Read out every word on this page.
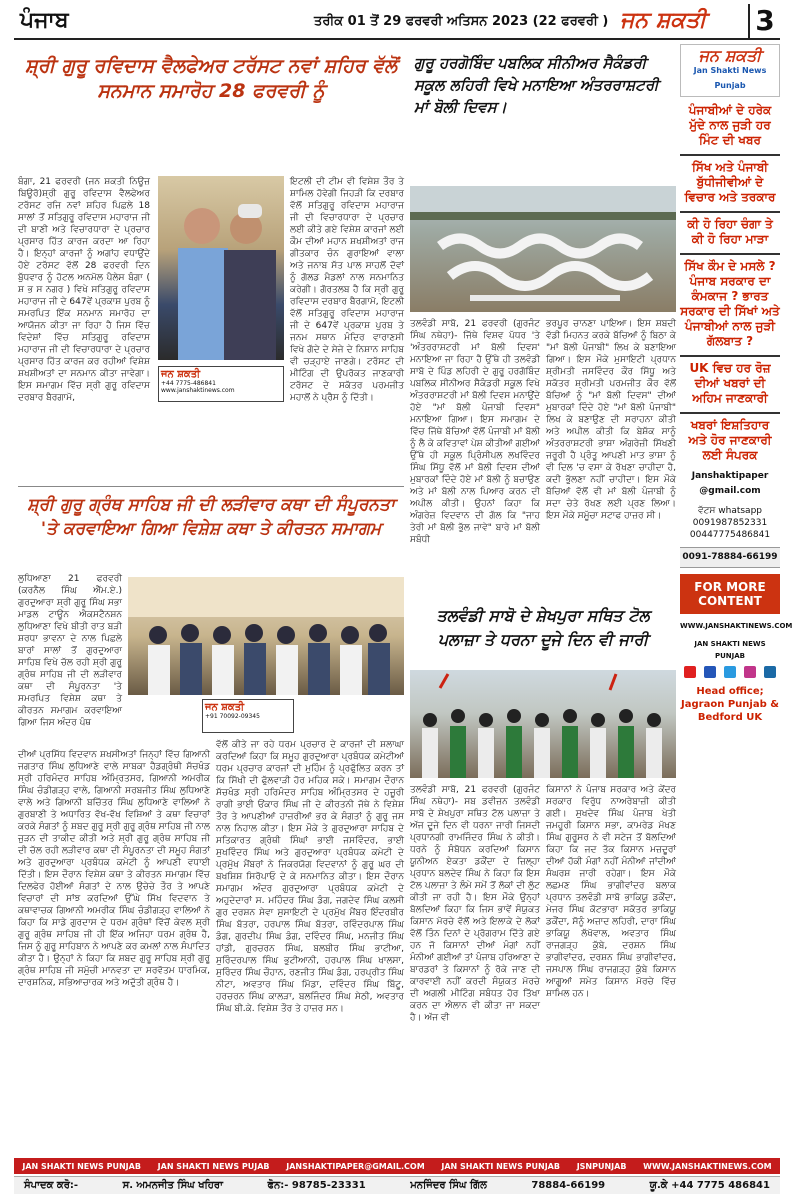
ਪੰਜਾਬ	ਤਰੀਕ 01 ਤੋਂ 29 ਫਰਵਰੀ ਅਤਿਸਨ 2023 (22 ਫਰਵਰੀ ) ਜਨ ਸ਼ਕਤੀ 3
ਸ਼੍ਰੀ ਗੁਰੂ ਰਵਿਦਾਸ ਵੈਲਫੇਅਰ ਟਰੱਸਟ ਨਵਾਂ ਸ਼ਹਿਰ ਵੱਲੋਂ ਸਨਮਾਨ ਸਮਾਰੋਹ 28 ਫਰਵਰੀ ਨੂੰ
ਬੰਗਾ, 21 ਫਰਵਰੀ (ਜਨ ਸ਼ਕਤੀ ਨਿਊਜ਼ ਬਿਊਰੋ)ਸ਼੍ਰੀ ਗੁਰੂ ਰਵਿਦਾਸ ਵੈਲਫੇਅਰ ਟਰੱਸਟ ਰਜਿ ਨਵਾਂ ਸ਼ਹਿਰ ਪਿਛਲੇ 18 ਸਾਲਾਂ ਤੋਂ ਸਤਿਗੁਰੂ ਰਵਿਦਾਸ ਮਹਾਰਾਜ ਜੀ ਦੀ ਬਾਣੀ ਅਤੇ ਵਿਚਾਰਧਾਰਾ ਦੇ ਪ੍ਰਚਾਰ ਪ੍ਰਸਾਰ ਹਿੱਤ ਕਾਰਜ ਕਰਦਾ ਆ ਰਿਹਾ ਹੈ। ਇਨ੍ਹਾਂ ਕਾਰਜਾਂ ਨੂੰ ਅਗਾਂਹ ਵਧਾਉਂਦੇ ਹੋਏ ਟਰੱਸਟ ਵੱਲੋਂ 28 ਫਰਵਰੀ ਦਿਨ ਬੁੱਧਵਾਰ ਨੂੰ ਹੋਟਲ ਅਨਮੋਲ ਪੈਲੇਸ ਬੰਗਾ ( ਸ਼ ਭ ਸ ਨਗਰ ) ਵਿਖੇ ਸਤਿਗੁਰੂ ਰਵਿਦਾਸ ਮਹਾਰਾਜ ਜੀ ਦੇ 647ਵੇਂ ਪ੍ਰਕਾਸ਼ ਪੁਰਬ ਨੂੰ ਸਮਰਪਿਤ ਇੱਕ ਸਨਮਾਨ ਸਮਾਰੋਹ ਦਾ ਆਯੋਜਨ ਕੀਤਾ ਜਾ ਰਿਹਾ ਹੈ ਜਿਸ ਵਿੱਚ ਵਿਦੇਸ਼ਾਂ ਵਿੱਚ ਸਤਿਗੁਰੂ ਰਵਿਦਾਸ ਮਹਾਰਾਜ ਜੀ ਦੀ ਵਿਚਾਰਧਾਰਾ ਦੇ ਪ੍ਰਚਾਰ ਪ੍ਰਸਾਰ ਹਿੱਤ ਕਾਰਜ ਕਰ ਰਹੀਆਂ ਵਿਸ਼ੇਸ਼ ਸ਼ਖਸ਼ੀਅਤਾਂ ਦਾ ਸਨਮਾਨ ਕੀਤਾ ਜਾਵੇਗਾ। ਇਸ ਸਮਾਗਮ ਵਿੱਚ ਸ੍ਰੀ ਗੁਰੂ ਰਵਿਦਾਸ ਦਰਬਾਰ ਬੈਰਗਾਮੋ,
ਇਟਲੀ ਦੀ ਟੀਮ ਵੀ ਵਿਸ਼ੇਸ਼ ਤੌਰ ਤੇ ਸ਼ਾਮਿਲ ਹੋਵੇਗੀ ਜਿਹੜੀ ਕਿ ਦਰਬਾਰ ਵੱਲੋਂ ਸਤਿਗੁਰੂ ਰਵਿਦਾਸ ਮਹਾਰਾਜ ਜੀ ਦੀ ਵਿਚਾਰਧਾਰਾ ਦੇ ਪ੍ਰਚਾਰ ਲਈ ਕੀਤੇ ਗਏ ਵਿਸ਼ੇਸ਼ ਕਾਰਜਾਂ ਲਈ ਕੌਮ ਦੀਆਂ ਮਹਾਨ ਸ਼ਖਸ਼ੀਅਤਾਂ ਰਾਜ ਗੀਤਕਾਰ ਚੰਨ ਗੁਰਾਇਆਂ ਵਾਲਾ ਅਤੇ ਜਨਾਬ ਸੱਤ ਪਾਲ ਸਾਹਲੋਂ ਦੋਵਾਂ ਨੂੰ ਗੋਲਡ ਮੈਡਲਾਂ ਨਾਲ ਸਨਮਾਨਿਤ ਕਰੇਗੀ। ਗੋਰਤਲਬ ਹੈ ਕਿ ਸ੍ਰੀ ਗੁਰੂ ਰਵਿਦਾਸ ਦਰਬਾਰ ਬੈਰਗਾਮੋ, ਇਟਲੀ ਵੱਲੋਂ ਸਤਿਗੁਰੂ ਰਵਿਦਾਸ ਮਹਾਰਾਜ ਜੀ ਦੇ 647ਵੇਂ ਪ੍ਰਕਾਸ਼ ਪੁਰਬ ਤੇ ਜਨਮ ਸਥਾਨ ਮੰਦਿਰ ਵਾਰਾਣਸੀ ਵਿਖੇ ਗੱਦੇ ਦੇ ਸੇਜੇ ਦੇ ਨਿਸ਼ਾਨ ਸਾਹਿਬ ਵੀ ਚੜ੍ਹਾਏ ਜਾਣਗੇ। ਟਰੱਸਟ ਦੀ ਮੀਟਿੰਗ ਦੀ ਉਪਰੋਕਤ ਜਾਣਕਾਰੀ ਟਰੱਸਟ ਦੇ ਸਕੱਤਰ ਪਰਮਜੀਤ ਮਹਾਲੋਂ ਨੇ ਪ੍ਰੈਸ ਨੂੰ ਦਿੱਤੀ।
ਜਨ ਸ਼ਕਤੀ
+44 7775-486841
www.janshaktinews.com
ਗੁਰੂ ਹਰਗੋਬਿੰਦ ਪਬਲਿਕ ਸੀਨੀਅਰ ਸੈਕੰਡਰੀ ਸਕੂਲ ਲਹਿਰੀ ਵਿਖੇ ਮਨਾਇਆ ਅੰਤਰਰਾਸ਼ਟਰੀ ਮਾਂ ਬੋਲੀ ਦਿਵਸ।
ਤਲਵੰਡੀ ਸਾਬੋ, 21 ਫਰਵਰੀ (ਗੁਰਜੰਟ ਸਿੰਘ ਨਥੇਹਾ)- ਜਿੱਥੇ ਵਿਸ਼ਵ ਪੱਧਰ 'ਤੇ 'ਅੰਤਰਰਾਸ਼ਟਰੀ ਮਾਂ ਬੋਲੀ ਦਿਵਸ' ਮਨਾਇਆ ਜਾ ਰਿਹਾ ਹੈ ਉੱਥੇ ਹੀ ਤਲਵੰਡੀ ਸਾਬੋ ਦੇ ਪਿੰਡ ਲਹਿਰੀ ਦੇ ਗੁਰੂ ਹਰਗੋਬਿੰਦ ਪਬਲਿਕ ਸੀਨੀਅਰ ਸੈਕੰਡਰੀ ਸਕੂਲ ਵਿਖੇ ਅੰਤਰਰਾਸ਼ਟਰੀ ਮਾਂ ਬੋਲੀ ਦਿਵਸ ਮਨਾਉਂਦੇ ਹੋਏ "ਮਾਂ ਬੋਲੀ ਪੰਜਾਬੀ ਦਿਵਸ" ਮਨਾਇਆ ਗਿਆ। ਇਸ ਸਮਾਗਮ ਦੇ ਵਿੱਚ ਜਿੱਥੇ ਬੱਚਿਆਂ ਵੱਲੋਂ ਪੰਜਾਬੀ ਮਾਂ ਬੋਲੀ ਨੂੰ ਲੈ ਕੇ ਕਵਿਤਾਵਾਂ ਪੇਸ਼ ਕੀਤੀਆਂ ਗਈਆਂ ਉੱਥੇ ਹੀ ਸਕੂਲ ਪ੍ਰਿੰਸੀਪਲ ਲਖਵਿੰਦਰ ਸਿੰਘ ਸਿੱਧੂ ਵੱਲੋਂ ਮਾਂ ਬੋਲੀ ਦਿਵਸ ਦੀਆਂ ਮੁਬਾਰਕਾਂ ਦਿੰਦੇ ਹੋਏ ਮਾਂ ਬੋਲੀ ਨੂੰ ਬਚਾਉਣ ਅਤੇ ਮਾਂ ਬੋਲੀ ਨਾਲ ਪਿਆਰ ਕਰਨ ਦੀ ਅਪੀਲ ਕੀਤੀ। ਉਹਨਾਂ ਕਿਹਾ ਕਿ ਅੰਗਰੇਜ਼ ਵਿਦਵਾਨ ਦੀ ਗੱਲ ਕਿ "ਜਾਹ ਤੇਰੀ ਮਾਂ ਬੋਲੀ ਭੁੱਲ ਜਾਵੇ" ਬਾਰੇ ਮਾਂ ਬੋਲੀ ਸਬੰਧੀ
ਭਰਪੂਰ ਚਾਨਣਾ ਪਾਇਆ। ਇਸ ਸ਼ਬਦੀ ਵੱਡੀ ਮਿਹਨਤ ਕਰਕੇ ਬੱਚਿਆਂ ਨੂੰ ਬਿਠਾ ਕੇ "ਮਾਂ ਬੋਲੀ ਪੰਜਾਬੀ" ਲਿਖ ਕੇ ਬਣਾਇਆ ਗਿਆ। ਇਸ ਮੌਕੇ ਮੁਸਾਇਟੀ ਪ੍ਰਧਾਨ ਸ਼੍ਰੀਮਤੀ ਜਸਵਿੰਦਰ ਕੌਰ ਸਿੱਧੂ ਅਤੇ ਸਕੱਤਰ ਸ਼੍ਰੀਮਤੀ ਪਰਮਜੀਤ ਕੌਰ ਵੱਲੋਂ ਬੱਚਿਆਂ ਨੂੰ "ਮਾਂ ਬੋਲੀ ਦਿਵਸ" ਦੀਆਂ ਮੁਬਾਰਕਾਂ ਦਿੰਦੇ ਹੋਏ "ਮਾਂ ਬੋਲੀ ਪੰਜਾਬੀ" ਲਿਖ ਕੇ ਬਣਾਉਣ ਦੀ ਸਰਾਹਨਾ ਕੀਤੀ ਅਤੇ ਅਪੀਲ ਕੀਤੀ ਕਿ ਬੇਸ਼ੱਕ ਸਾਨੂੰ ਅੰਤਰਰਾਸ਼ਟਰੀ ਭਾਸ਼ਾ ਅੰਗਰੇਜ਼ੀ ਸਿੱਖਣੀ ਜਰੂਰੀ ਹੈ ਪ੍ਰੰਤੂ ਆਪਣੀ ਮਾਤ ਭਾਸ਼ਾ ਨੂੰ ਵੀ ਦਿਲ 'ਚ ਵਸਾ ਕੇ ਰੱਖਣਾ ਚਾਹੀਦਾ ਹੈ, ਕਦੀ ਭੁੱਲਣਾ ਨਹੀਂ ਚਾਹੀਦਾ। ਇਸ ਮੌਕੇ ਬੱਚਿਆਂ ਵੱਲੋਂ ਵੀ ਮਾਂ ਬੋਲੀ ਪੰਜਾਬੀ ਨੂੰ ਸਦਾ ਚੇਤੇ ਰੱਖਣ ਲਈ ਪ੍ਰਣ ਲਿਆ। ਇਸ ਮੌਕੇ ਸਮੂੱਚਾ ਸਟਾਫ ਹਾਜ਼ਰ ਸੀ।
ਸ਼੍ਰੀ ਗੁਰੂ ਗ੍ਰੰਥ ਸਾਹਿਬ ਜੀ ਦੀ ਲੜੀਵਾਰ ਕਥਾ ਦੀ ਸੰਪੂਰਨਤਾ 'ਤੇ ਕਰਵਾਇਆ ਗਿਆ ਵਿਸ਼ੇਸ਼ ਕਥਾ ਤੇ ਕੀਰਤਨ ਸਮਾਗਮ
ਲੁਧਿਆਣਾ 21 ਫਰਵਰੀ (ਕਰਨੈਲ ਸਿੰਘ ਐੱਮ.ਏ.) ਗੁਰਦੁਆਰਾ ਸ਼੍ਰੀ ਗੁਰੂ ਸਿੰਘ ਸਭਾ ਮਾਡਲ ਟਾਊਨ ਐਕਸਟੈਨਸ਼ਨ ਲੁਧਿਆਣਾ ਵਿਖੇ ਬੀਤੀ ਰਾਤ ਬੜੀ ਸ਼ਰਧਾ ਭਾਵਨਾ ਦੇ ਨਾਲ ਪਿਛਲੇ ਬਾਰਾਂ ਸਾਲਾਂ ਤੋਂ ਗੁਰਦੁਆਰਾ ਸਾਹਿਬ ਵਿਖੇ ਚੱਲ ਰਹੀ ਸ਼੍ਰੀ ਗੁਰੂ ਗ੍ਰੰਥ ਸਾਹਿਬ ਜੀ ਦੀ ਲੜੀਵਾਰ ਕਥਾ ਦੀ ਸੰਪੂਰਨਤਾ 'ਤੇ ਸਮਰਪਿਤ ਵਿਸ਼ੇਸ਼ ਕਥਾ ਤੇ ਕੀਰਤਨ ਸਮਾਗਮ ਕਰਵਾਇਆ ਗਿਆ ਜਿਸ ਅੰਦਰ ਪੰਥ
ਜਨ ਸ਼ਕਤੀ
+91 70092-09345
ਦੀਆਂ ਪ੍ਰਸਿੱਧ ਵਿਦਵਾਨ ਸ਼ਖਸੀਅਤਾਂ ਜਿਨ੍ਹਾਂ ਵਿੱਚ ਗਿਆਨੀ ਜਗਤਾਰ ਸਿੰਘ ਲੁਧਿਆਣੇ ਵਾਲੇ ਸਾਬਕਾ ਹੈਡਗ੍ਰੰਥੀ ਸੱਚਖੰਡ ਸ੍ਰੀ ਹਰਿਮੰਦਰ ਸਾਹਿਬ ਅੰਮ੍ਰਿਤਸਰ, ਗਿਆਨੀ ਅਮਰੀਕ ਸਿੰਘ ਚੰਡੀਗੜ੍ਹ ਵਾਲੇ, ਗਿਆਨੀ ਸਰਬਜੀਤ ਸਿੰਘ ਲੁਧਿਆਣੇ ਵਾਲੇ ਅਤੇ ਗਿਆਨੀ ਬਚਿੱਤਰ ਸਿੰਘ ਲੁਧਿਆਣੇ ਵਾਲਿਆਂ ਨੇ ਗੁਰਬਾਣੀ ਤੇ ਅਧਾਰਿਤ ਵੱਖ-ਵੱਖ ਵਿਸ਼ਿਆਂ ਤੇ ਕਥਾ ਵਿਚਾਰਾਂ ਕਰਕੇ ਸੰਗਤਾਂ ਨੂੰ ਸ਼ਬਦ ਗੁਰੂ ਸ੍ਰੀ ਗੁਰੂ ਗ੍ਰੰਥ ਸਾਹਿਬ ਜੀ ਨਾਲ ਜੁੜਨ ਦੀ ਤਾਕੀਦ ਕੀਤੀ ਅਤੇ ਸ਼੍ਰੀ ਗੁਰੂ ਗ੍ਰੰਥ ਸਾਹਿਬ ਜੀ ਦੀ ਚੱਲ ਰਹੀ ਲੜੀਵਾਰ ਕਥਾ ਦੀ ਸੰਪੂਰਨਤਾ ਦੀ ਸਮੂਹ ਸੰਗਤਾਂ ਅਤੇ ਗੁਰਦੁਆਰਾ ਪ੍ਰਬੰਧਕ ਕਮੇਟੀ ਨੂੰ ਆਪਣੀ ਵਧਾਈ ਦਿੱਤੀ। ਇਸ ਦੌਰਾਨ ਵਿਸ਼ੇਸ਼ ਕਥਾ ਤੇ ਕੀਰਤਨ ਸਮਾਗਮ ਵਿੱਚ ਦਿਲਫੇਰ ਹੋਈਆਂ ਸੰਗਤਾਂ ਦੇ ਨਾਲ ਉਚੇਚੇ ਤੌਰ ਤੇ ਆਪਣੇ ਵਿਚਾਰਾਂ ਦੀ ਸਾਂਝ ਕਰਦਿਆਂ ਉੱਘੇ ਸਿੱਖ ਵਿਦਵਾਨ ਤੇ ਕਥਾਵਾਚਕ ਗਿਆਨੀ ਅਮਰੀਕ ਸਿੰਘ ਚੰਡੀਗੜ੍ਹ ਵਾਲਿਆਂ ਨੇ ਕਿਹਾ ਕਿ ਸਾਡੇ ਗੁਰਦਾਸ ਦੇ ਧਰਮ ਗ੍ਰੰਥਾਂ ਵਿੱਚੋਂ ਕੇਵਲ ਸ਼੍ਰੀ ਗੁਰੂ ਗ੍ਰੰਥ ਸਾਹਿਬ ਜੀ ਹੀ ਇੱਕ ਅਜਿਹਾ ਧਰਮ ਗ੍ਰੰਥ ਹੈ, ਜਿਸ ਨੂੰ ਗੁਰੂ ਸਾਹਿਬਾਨ ਨੇ ਆਪਣੇ ਕਰ ਕਮਲਾਂ ਨਾਲ ਸੰਪਾਦਿਤ ਕੀਤਾ ਹੈ। ਉਨ੍ਹਾਂ ਨੇ ਕਿਹਾ ਕਿ ਸ਼ਬਦ ਗੁਰੂ ਸਾਹਿਬ ਸ਼੍ਰੀ ਗੁਰੂ ਗ੍ਰੰਥ ਸਾਹਿਬ ਜੀ ਸਮੁੱਚੀ ਮਾਨਵਤਾ ਦਾ ਸਰਵੋਤਮ ਧਾਰਮਿਕ, ਦਾਰਸ਼ਨਿਕ, ਸਭਿਆਚਾਰਕ ਅਤੇ ਅਦੁੱਤੀ ਗ੍ਰੰਥ ਹੈ।
ਵੱਲੋਂ ਕੀਤੇ ਜਾ ਰਹੇ ਧਰਮ ਪ੍ਰਚਾਰ ਦੇ ਕਾਰਜਾਂ ਦੀ ਸ਼ਲਾਘਾ ਕਰਦਿਆਂ ਕਿਹਾ ਕਿ ਸਮੂਹ ਗੁਰਦੁਆਰਾ ਪ੍ਰਬੰਧਕ ਕਮੇਟੀਆਂ ਧਰਮ ਪ੍ਰਚਾਰ ਕਾਰਜਾਂ ਦੀ ਮੁਹਿੰਮ ਨੂੰ ਪ੍ਰਫੁੱਲਿਤ ਕਰਨ ਤਾਂ ਕਿ ਸਿੱਖੀ ਦੀ ਫੁੱਲਵਾੜੀ ਹੋਰ ਮਹਿਕ ਸਕੇ। ਸਮਾਗਮ ਦੌਰਾਨ ਸੱਚਖੰਡ ਸ੍ਰੀ ਹਰਿਮੰਦਰ ਸਾਹਿਬ ਅੰਮ੍ਰਿਤਸਰ ਦੇ ਹਜ਼ੂਰੀ ਰਾਗੀ ਭਾਈ ਓਂਕਾਰ ਸਿੰਘ ਜੀ ਦੇ ਕੀਰਤਨੀ ਜੱਥੇ ਨੇ ਵਿਸ਼ੇਸ਼ ਤੌਰ ਤੇ ਆਪਣੀਆਂ ਹਾਜ਼ਰੀਆਂ ਭਰ ਕੇ ਸੰਗਤਾਂ ਨੂੰ ਗੁਰੂ ਜਸ ਨਾਲ ਨਿਹਾਲ ਕੀਤਾ। ਇਸ ਮੌਕੇ ਤੇ ਗੁਰਦੁਆਰਾ ਸਾਹਿਬ ਦੇ ਸਤਿਕਾਰਤ ਗ੍ਰੰਥੀ ਸਿੰਘਾਂ ਭਾਈ ਜਸਵਿੰਦਰ, ਭਾਈ ਸੁਖਵਿੰਦਰ ਸਿੰਘ ਅਤੇ ਗੁਰਦੁਆਰਾ ਪ੍ਰਬੰਧਕ ਕਮੇਟੀ ਦੇ ਪ੍ਰਮੁੱਖ ਮੈਂਬਰਾਂ ਨੇ ਜਿਕਰਯੋਗ ਵਿਦਵਾਨਾਂ ਨੂੰ ਗੁਰੂ ਘਰ ਦੀ ਬਖਸ਼ਿਸ਼ ਸਿਰੋਪਾਓ ਦੇ ਕੇ ਸਨਮਾਨਿਤ ਕੀਤਾ। ਇਸ ਦੌਰਾਨ ਸਮਾਗਮ ਅੰਦਰ ਗੁਰਦੁਆਰਾ ਪ੍ਰਬੰਧਕ ਕਮੇਟੀ ਦੇ ਅਹੁਦੇਦਾਰਾਂ ਸ. ਮਹਿੰਦਰ ਸਿੰਘ ਡੰਗ, ਜਗਦੇਵ ਸਿੰਘ ਕਲਸੀ ਗੁਰ ਦਰਸ਼ਨ ਸੇਵਾ ਸੁਸਾਇਟੀ ਦੇ ਪ੍ਰਮੁੱਖ ਮੈਂਬਰ ਇੰਦਰਬੀਰ ਸਿੰਘ ਬੱਤਰਾ, ਹਰਪਾਲ ਸਿੰਘ ਬੱਤਰਾ, ਰਵਿੰਦਰਪਾਲ ਸਿੰਘ ਡੰਗ, ਗੁਰਦੀਪ ਸਿੰਘ ਡੰਗ, ਦਵਿੰਦਰ ਸਿੰਘ, ਮਨਜੀਤ ਸਿੰਘ ਹਾਂਡੀ, ਗੁਰਚਰਨ ਸਿੰਘ, ਬਲਬੀਰ ਸਿੰਘ ਭਾਟੀਆ, ਸੁਰਿੰਦਰਪਾਲ ਸਿੰਘ ਭੁਟੀਆਨੀ, ਹਰਪਾਲ ਸਿੰਘ ਖਾਲਸਾ, ਸੁਰਿੰਦਰ ਸਿੰਘ ਚੌਹਾਨ, ਰਣਜੀਤ ਸਿੰਘ ਡੰਗ, ਹਰਪ੍ਰੀਤ ਸਿੰਘ ਨੀਟਾ, ਅਵਤਾਰ ਸਿੰਘ ਮਿੱਡਾ, ਦਵਿੰਦਰ ਸਿੰਘ ਬਿੱਟੂ, ਹਰਚਰਨ ਸਿੰਘ ਕਾਲੜਾ, ਬਲਜਿੰਦਰ ਸਿੰਘ ਸੇਠੀ, ਅਵਤਾਰ ਸਿੰਘ ਬੀ.ਕੇ. ਵਿਸ਼ੇਸ਼ ਤੌਰ ਤੇ ਹਾਜ਼ਰ ਸਨ।
ਤਲਵੰਡੀ ਸਾਬੋ ਦੇ ਸ਼ੇਖਪੁਰਾ ਸਥਿਤ ਟੋਲ ਪਲਾਜ਼ਾ ਤੇ ਧਰਨਾ ਦੂਜੇ ਦਿਨ ਵੀ ਜਾਰੀ
ਤਲਵੰਡੀ ਸਾਬੋ, 21 ਫਰਵਰੀ (ਗੁਰਜੰਟ ਸਿੰਘ ਨਥੇਹਾ)- ਸਬ ਡਵੀਜ਼ਨ ਤਲਵੰਡੀ ਸਾਬੋ ਦੇ ਸ਼ੇਖਪੁਰਾ ਸਥਿਤ ਟੋਲ ਪਲਾਜ਼ਾ ਤੇ ਅੱਜ ਦੂਜੇ ਦਿਨ ਵੀ ਧਰਨਾ ਜਾਰੀ ਜਿਸਦੀ ਪ੍ਰਧਾਨਗੀ ਰਾਮਜਿੰਦਰ ਸਿੰਘ ਨੇ ਕੀਤੀ। ਧਰਨੇ ਨੂੰ ਸੰਬੋਧਨ ਕਰਦਿਆਂ ਕਿਸਾਨ ਯੂਨੀਅਨ ਏਕਤਾ ਡਕੌਂਦਾ ਦੇ ਜ਼ਿਲ੍ਹਾ ਪ੍ਰਧਾਨ ਬਲਦੇਵ ਸਿੰਘ ਨੇ ਕਿਹਾ ਕਿ ਇਸ ਟੋਲ ਪਲਾਜ਼ਾ ਤੇ ਲੰਮੇ ਸਮੇਂ ਤੋਂ ਲੋਕਾਂ ਦੀ ਲੁੱਟ ਕੀਤੀ ਜਾ ਰਹੀ ਹੈ। ਇਸ ਮੌਕੇ ਉਨ੍ਹਾਂ ਬੋਲਦਿਆਂ ਕਿਹਾ ਕਿ ਜਿਸ ਭਾਵੇਂ ਸੰਯੁਕਤ ਕਿਸਾਨ ਮੋਰਚੇ ਵੱਲੋਂ ਅਤੇ ਇਲਾਕੇ ਦੇ ਲੋਕਾਂ ਵੱਲੋਂ ਤਿੰਨ ਦਿਨਾਂ ਦੇ ਪ੍ਰੋਗਰਾਮ ਦਿੱਤੇ ਗਏ ਹਨ ਜੋ ਕਿਸਾਨਾਂ ਦੀਆਂ ਮੰਗਾਂ ਨਹੀਂ ਮੰਨੀਆਂ ਗਈਆਂ ਤਾਂ ਪੰਜਾਬ ਹਰਿਆਣਾ ਦੇ ਬਾਰਡਰਾਂ ਤੇ ਕਿਸਾਨਾਂ ਨੂੰ ਰੋਕੇ ਜਾਣ ਦੀ ਕਾਰਵਾਈ ਨਹੀਂ ਕਰਦੀ ਸੰਯੁਕਤ ਮੋਰਚੇ ਦੀ ਅਗਲੀ ਮੀਟਿੰਗ ਸਬੰਧਤ ਹੋਰ ਤਿੱਖਾ ਕਰਨ ਦਾ ਐਲਾਨ ਵੀ ਕੀਤਾ ਜਾ ਸਕਦਾ ਹੈ। ਅੱਜ ਵੀ
ਕਿਸਾਨਾਂ ਨੇ ਪੰਜਾਬ ਸਰਕਾਰ ਅਤੇ ਕੇਂਦਰ ਸਰਕਾਰ ਵਿਰੁੱਧ ਨਾਅਰੇਬਾਜ਼ੀ ਕੀਤੀ ਗਈ। ਸੁਖਦੇਵ ਸਿੰਘ ਪੰਜਾਬ ਖੇਤੀ ਜਮਹੂਰੀ ਕਿਸਾਨ ਸਭਾ, ਕਾਮਰੇਡ ਮੱਖਣ ਸਿੰਘ ਗੁਰੂਸਰ ਨੇ ਵੀ ਸਟੇਜ ਤੋਂ ਬੋਲਦਿਆਂ ਕਿਹਾ ਕਿ ਜਦ ਤੱਕ ਕਿਸਾਨ ਮਜ਼ਦੂਰਾਂ ਦੀਆਂ ਹੱਕੀ ਮੰਗਾਂ ਨਹੀਂ ਮੰਨੀਆਂ ਜਾਂਦੀਆਂ ਸੰਘਰਸ਼ ਜਾਰੀ ਰਹੇਗਾ। ਇਸ ਮੌਕੇ ਲਛਮਣ ਸਿੰਘ ਭਾਗੀਵਾਂਦਰ ਬਲਾਕ ਪ੍ਰਧਾਨ ਤਲਵੰਡੀ ਸਾਬੋ ਭਾਕਿਯੂ ਡਕੌਂਦਾ, ਮੇਜਰ ਸਿੰਘ ਕੋਟਭਾਰਾ ਸਕੱਤਰ ਭਾਕਿਯੂ ਡਕੌਂਦਾ, ਸੋਨੂੰ ਅਜ਼ਾਦ ਲਹਿਰੀ, ਦਾਰਾ ਸਿੰਘ ਭਾਕਿਯੂ ਲੱਖੋਵਾਲ, ਅਵਤਾਰ ਸਿੰਘ ਰਾਜਗੜ੍ਹ ਕੁੱਬੇ, ਦਰਸ਼ਨ ਸਿੰਘ ਭਾਗੀਵਾਂਦਰ, ਦਰਸ਼ਨ ਸਿੰਘ ਭਾਗੀਵਾਂਦਰ, ਜਸਪਾਲ ਸਿੰਘ ਰਾਜਗੜ੍ਹ ਕੁੱਬੇ ਕਿਸਾਨ ਆਗੂਆਂ ਸਮੇਤ ਕਿਸਾਨ ਮੋਰਚੇ ਵਿੱਚ ਸ਼ਾਮਿਲ ਹਨ।
ਜਨ ਸ਼ਕਤੀ
Jan Shakti News Punjab
ਪੰਜਾਬੀਆਂ ਦੇ ਹਰੇਕ ਮੁੱਦੇ ਨਾਲ ਜੁੜੀ ਹਰ ਮਿੰਟ ਦੀ ਖਬਰ
ਸਿੱਖ ਅਤੇ ਪੰਜਾਬੀ ਬੁੱਧੀਜੀਵੀਆਂ ਦੇ ਵਿਚਾਰ ਅਤੇ ਤਰਕਾਰ
ਕੀ ਹੋ ਰਿਹਾ ਚੰਗਾ ਤੇ ਕੀ ਹੋ ਰਿਹਾ ਮਾੜਾ
ਸਿੱਖ ਕੌਮ ਦੇ ਮਸਲੇ ? ਪੰਜਾਬ ਸਰਕਾਰ ਦਾ ਕੰਮਕਾਜ ? ਭਾਰਤ ਸਰਕਾਰ ਦੀ ਸਿੱਖਾਂ ਅਤੇ ਪੰਜਾਬੀਆਂ ਨਾਲ ਜੁੜੀ ਗੱਲਬਾਤ ?
UK ਵਿਚ ਹਰ ਰੋਜ਼ ਦੀਆਂ ਖਬਰਾਂ ਦੀ ਅਹਿਮ ਜਾਣਕਾਰੀ
ਖਬਰਾਂ ਇਸ਼ਤਿਹਾਰ ਅਤੇ ਹੋਰ ਜਾਣਕਾਰੀ ਲਈ ਸੰਪਰਕ
Janshaktipaper @gmail.com
ਵੱਟਸ whatsapp
0091987852331
00447775486841
0091-78884-66199
FOR MORE CONTENT
WWW.JANSHAKTINEWS.COM
JAN SHAKTI NEWS PUNJAB

Head office; Jagraon Punjab & Bedford UK
JAN SHAKTI NEWS PUNJAB JAN SHAKTI NEWS PUJAB JANSHAKTIPAPER@GMAIL.COM JAN SHAKTI NEWS PUNJAB JSNPUNJAB WWW.JANSHAKTINEWS.COM
ਸੰਪਾਦਕ ਕਰੋ:-	ਸ. ਅਮਨਜੀਤ ਸਿੰਘ ਖਹਿਰਾ	ਫੋਨ:- 98785-23331	ਮਨਜਿੰਦਰ ਸਿੰਘ ਗਿੱਲ	78884-66199	ਯੂ.ਕੇ +44 7775 486841
